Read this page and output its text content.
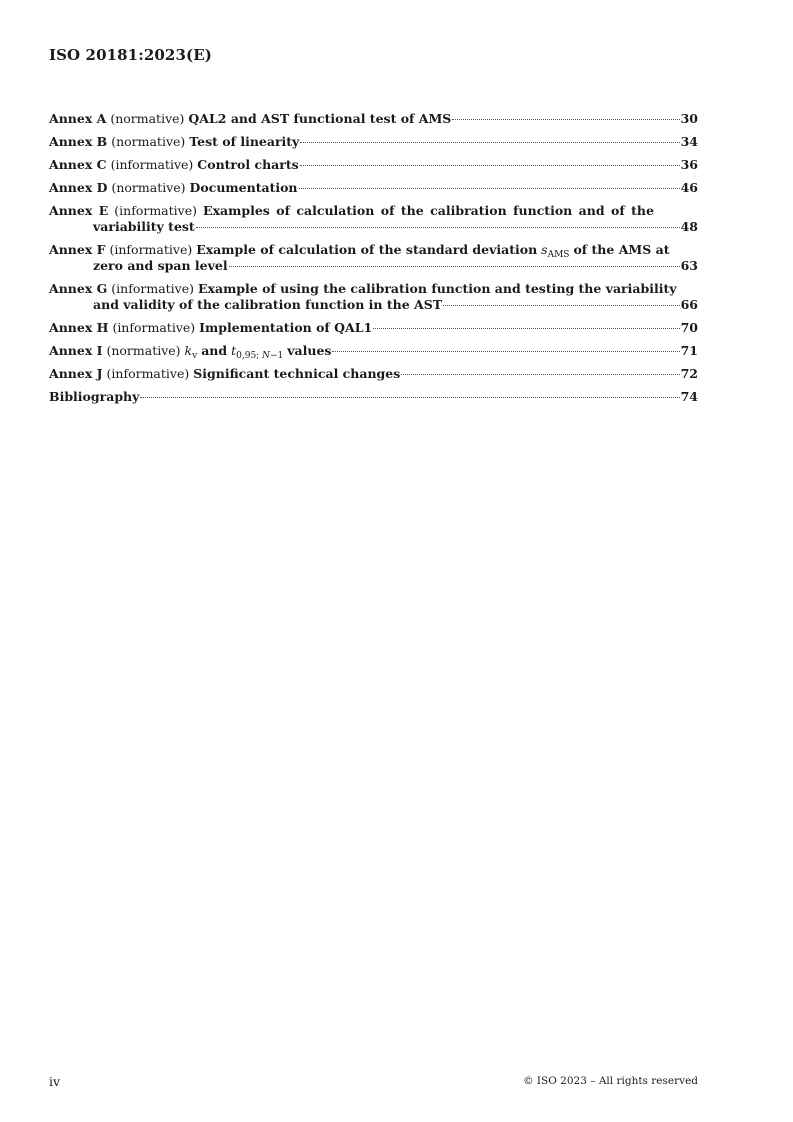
ISO 20181:2023(E)
Annex A (normative) QAL2 and AST functional test of AMS	30
Annex B (normative) Test of linearity	34
Annex C (informative) Control charts	36
Annex D (normative) Documentation	46
Annex E (informative) Examples of calculation of the calibration function and of the
variability test	48
Annex F (informative) Example of calculation of the standard deviation $s_{AMS}$ of the AMS at
zero and span level	63
Annex G (informative) Example of using the calibration function and testing the variability
and validity of the calibration function in the AST	66
Annex H (informative) Implementation of QAL1	70
Annex I (normative) $k_v$ and $t_{0,95; N-1}$ values	71
Annex J (informative) Significant technical changes	72
Bibliography	74
iv	© ISO 2023 – All rights reserved
